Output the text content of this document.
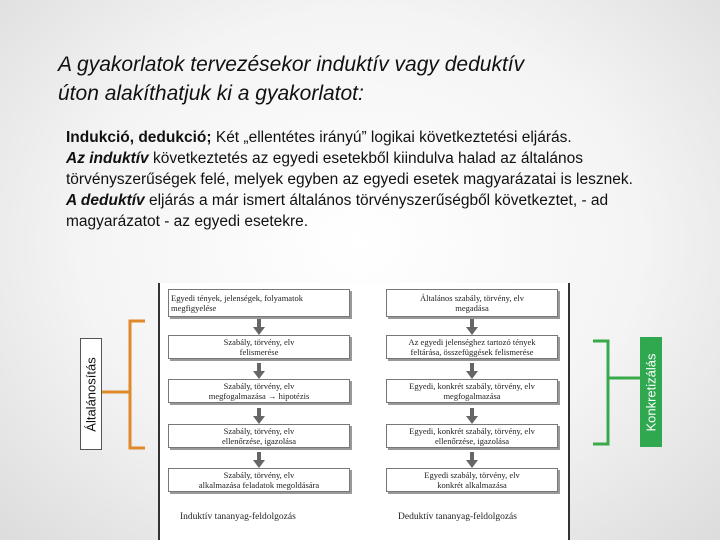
A gyakorlatok tervezésekor induktív vagy deduktív
úton alakíthatjuk ki a gyakorlatot:
Indukció, dedukció; Két „ellentétes irányú” logikai következtetési eljárás.
Az induktív következtetés az egyedi esetekből kiindulva halad az általános törvényszerűségek felé, melyek egyben az egyedi esetek magyarázatai is lesznek.
A deduktív eljárás a már ismert általános törvényszerűségből következtet, - ad magyarázatot - az egyedi esetekre.
Általánosítás	Konkretizálás
Egyedi tények, jelenségek, folyamatok
megfigyelése
Szabály, törvény, elv
felismerése
Szabály, törvény, elv
megfogalmazása → hipotézis
Szabály, törvény, elv
ellenőrzése, igazolása
Szabály, törvény, elv
alkalmazása feladatok megoldására
Általános szabály, törvény, elv
megadása
Az egyedi jelenséghez tartozó tények
feltárása, összefüggések felismerése
Egyedi, konkrét szabály, törvény, elv
megfogalmazása
Egyedi, konkrét szabály, törvény, elv
ellenőrzése, igazolása
Egyedi szabály, törvény, elv
konkrét alkalmazása
Induktív tananyag-feldolgozás	Deduktív tananyag-feldolgozás
